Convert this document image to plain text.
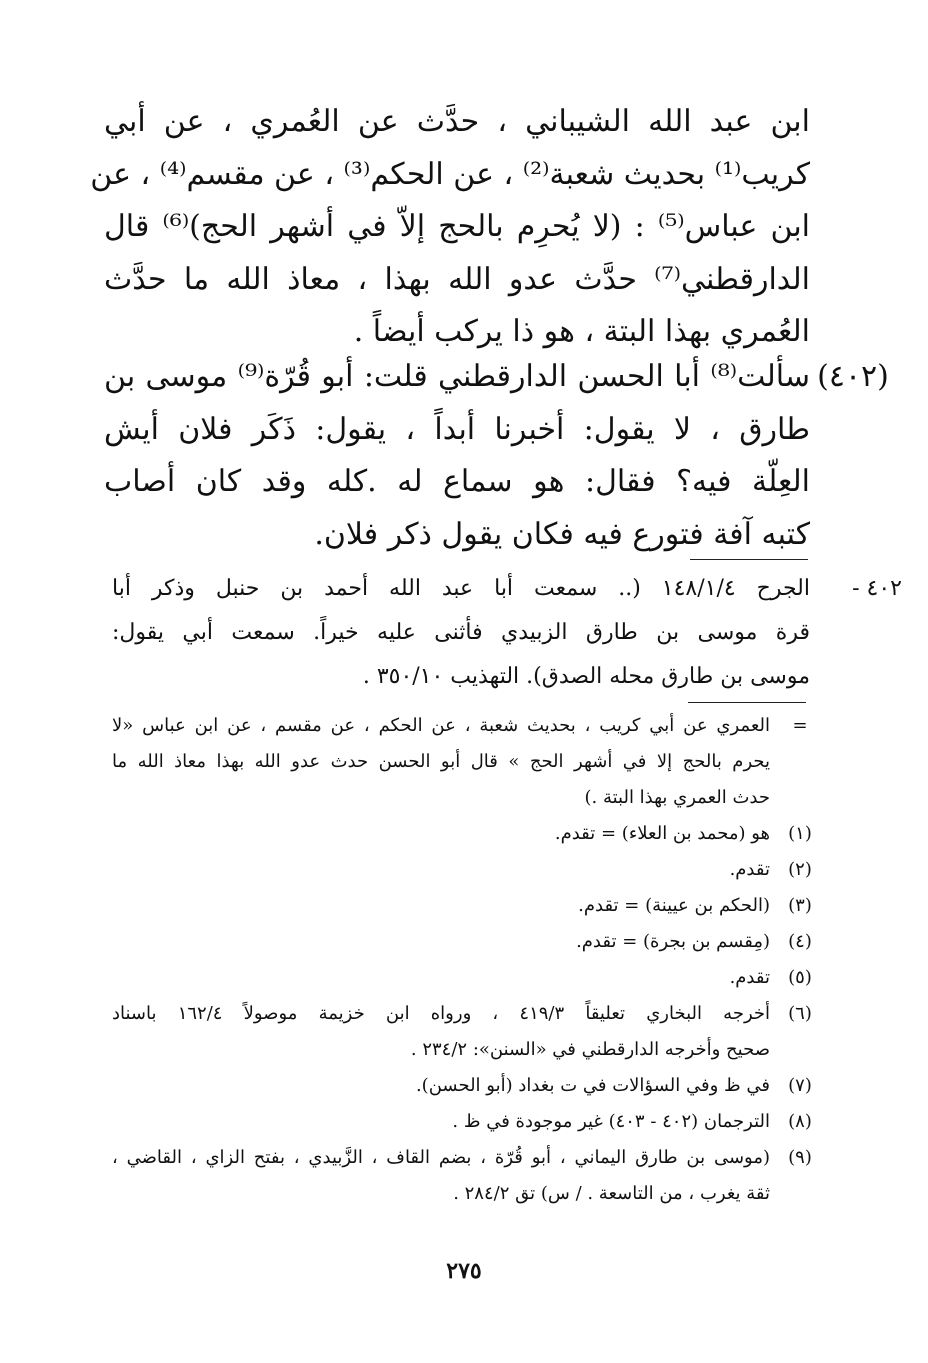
ابن عبد الله الشيباني ، حدَّث عن العُمري ، عن أبي
كريب⁽¹⁾ بحديث شعبة⁽²⁾ ، عن الحكم⁽³⁾ ، عن مقسم⁽⁴⁾ ، عن
ابن عباس⁽⁵⁾ : (لا يُحرِم بالحج إلاّ في أشهر الحج)⁽⁶⁾ قال
الدارقطني⁽⁷⁾ حدَّث عدو الله بهذا ، معاذ الله ما حدَّث
العُمري بهذا البتة ، هو ذا يركب أيضاً .
(٤٠٢)
سألت⁽⁸⁾ أبا الحسن الدارقطني قلت: أبو قُرّة⁽⁹⁾ موسى بن
طارق ، لا يقول: أخبرنا أبداً ، يقول: ذَكَر فلان أيش
العِلّة فيه؟ فقال: هو سماع له .كله وقد كان أصاب
كتبه آفة فتورع فيه فكان يقول ذكر فلان.
٤٠٢ -
الجرح ١٤٨/١/٤ (.. سمعت أبا عبد الله أحمد بن حنبل وذكر أبا
قرة موسى بن طارق الزبيدي فأثنى عليه خيراً. سمعت أبي يقول:
موسى بن طارق محله الصدق). التهذيب ٣٥٠/١٠ .
=
العمري عن أبي كريب ، بحديث شعبة ، عن الحكم ، عن مقسم ، عن ابن عباس «لا
يحرم بالحج إلا في أشهر الحج » قال أبو الحسن حدث عدو الله بهذا معاذ الله ما
حدث العمري بهذا البتة .)
(١)
هو (محمد بن العلاء) = تقدم.
(٢)
تقدم.
(٣)
(الحكم بن عيينة) = تقدم.
(٤)
(مِقسم بن بجرة) = تقدم.
(٥)
تقدم.
(٦)
أخرجه البخاري تعليقاً ٤١٩/٣ ، ورواه ابن خزيمة موصولاً ١٦٢/٤ باسناد
صحيح وأخرجه الدارقطني في «السنن»: ٢٣٤/٢ .
(٧)
في ظ وفي السؤالات في ت بغداد (أبو الحسن).
(٨)
الترجمان (٤٠٢ - ٤٠٣) غير موجودة في ظ .
(٩)
(موسى بن طارق اليماني ، أبو قُرّة ، بضم القاف ، الزَّبيدي ، بفتح الزاي ، القاضي ،
ثقة يغرب ، من التاسعة . / س) تق ٢٨٤/٢ .
٢٧٥
